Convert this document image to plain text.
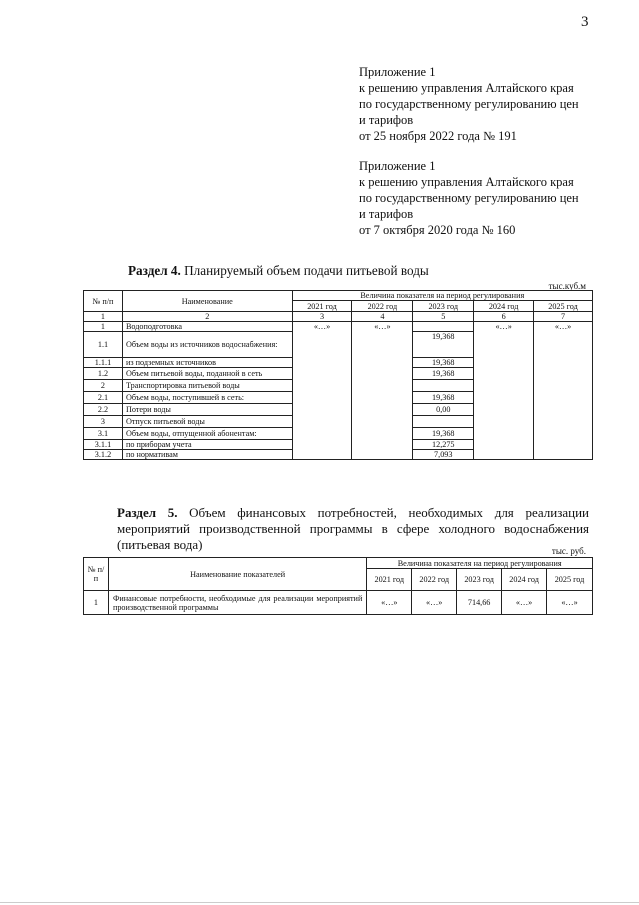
3
Приложение 1
к решению управления Алтайского края
по государственному регулированию цен
и тарифов
от 25 ноября 2022 года № 191
Приложение 1
к решению управления Алтайского края
по государственному регулированию цен
и тарифов
от 7 октября 2020 года № 160
Раздел 4. Планируемый объем подачи питьевой воды
тыс.куб.м
№ п/п	Наименование	Величина показателя на период регулирования				
		2021 год	2022 год	2023 год	2024 год	2025 год
1	2	3	4	5	6	7
1	Водоподготовка	«…»	«…»		«…»	«…»
1.1	Объем воды из источников водоснабжения:			19,368		
1.1.1	из подземных источников			19,368		
1.2	Объем питьевой воды, поданной в сеть			19,368		
2	Транспортировка питьевой воды					
2.1	Объем воды, поступившей в сеть:			19,368		
2.2	Потери воды			0,00		
3	Отпуск питьевой воды					
3.1	Объем воды, отпущенной абонентам:			19,368		
3.1.1	по приборам учета			12,275		
3.1.2	по нормативам			7,093		
Раздел 5. Объем финансовых потребностей, необходимых для реализации мероприятий производственной программы в сфере холодного водоснабжения (питьевая вода)	тыс. руб.
№ п/п	Наименование показателей	Величина показателя на период регулирования				
		2021 год	2022 год	2023 год	2024 год	2025 год
1	Финансовые потребности, необходимые для реализации мероприятий производственной программы	«…»	«…»	714,66	«…»	«…»
